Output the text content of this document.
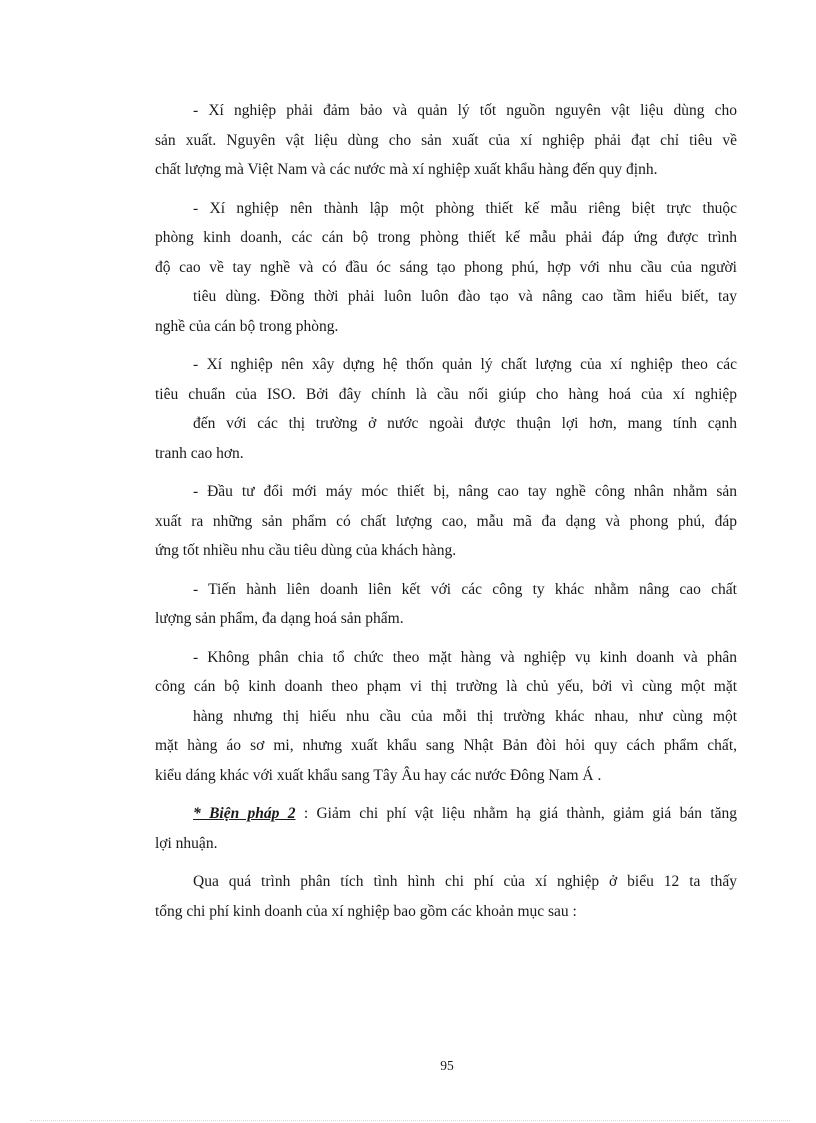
- Xí nghiệp phải đảm bảo và quản lý tốt nguồn nguyên vật liệu dùng cho
sản xuất. Nguyên vật liệu dùng cho sản xuất của xí nghiệp phải đạt chỉ tiêu về
chất lượng mà Việt Nam và các nước mà xí nghiệp xuất khẩu hàng đến quy định.

- Xí nghiệp nên thành lập một phòng thiết kế mẫu riêng biệt trực thuộc
phòng kinh doanh, các cán bộ trong phòng thiết kế mẫu phải đáp ứng được trình
độ cao về tay nghề và có đầu óc sáng tạo phong phú, hợp với nhu cầu của người
tiêu dùng. Đồng thời phải luôn luôn đào tạo và nâng cao tầm hiểu biết, tay
nghề của cán bộ trong phòng.

- Xí nghiệp nên xây dựng hệ thốn quản lý chất lượng của xí nghiệp theo các
tiêu chuẩn của ISO. Bởi đây chính là cầu nối giúp cho hàng hoá của xí nghiệp
đến với các thị trường ở nước ngoài được thuận lợi hơn, mang tính cạnh
tranh cao hơn.

- Đầu tư đổi mới máy móc thiết bị, nâng cao tay nghề công nhân nhằm sản
xuất ra những sản phẩm có chất lượng cao, mẫu mã đa dạng và phong phú, đáp
ứng tốt nhiều nhu cầu tiêu dùng của khách hàng.

- Tiến hành liên doanh liên kết với các công ty khác nhằm nâng cao chất
lượng sản phẩm, đa dạng hoá sản phẩm.

- Không phân chia tổ chức theo mặt hàng và nghiệp vụ kinh doanh và phân
công cán bộ kinh doanh theo phạm vi thị trường là chủ yếu, bởi vì cùng một mặt
hàng nhưng thị hiếu nhu cầu của mỗi thị trường khác nhau, như cùng một
mặt hàng áo sơ mi, nhưng xuất khẩu sang Nhật Bản đòi hỏi quy cách phẩm chất,
kiểu dáng khác với xuất khẩu sang Tây Âu hay các nước Đông Nam Á .

* Biện pháp 2 : Giảm chi phí vật liệu nhằm hạ giá thành, giảm giá bán tăng
lợi nhuận.

Qua quá trình phân tích tình hình chi phí của xí nghiệp ở biểu 12 ta thấy
tổng chi phí kinh doanh của xí nghiệp bao gồm các khoản mục sau :

95
